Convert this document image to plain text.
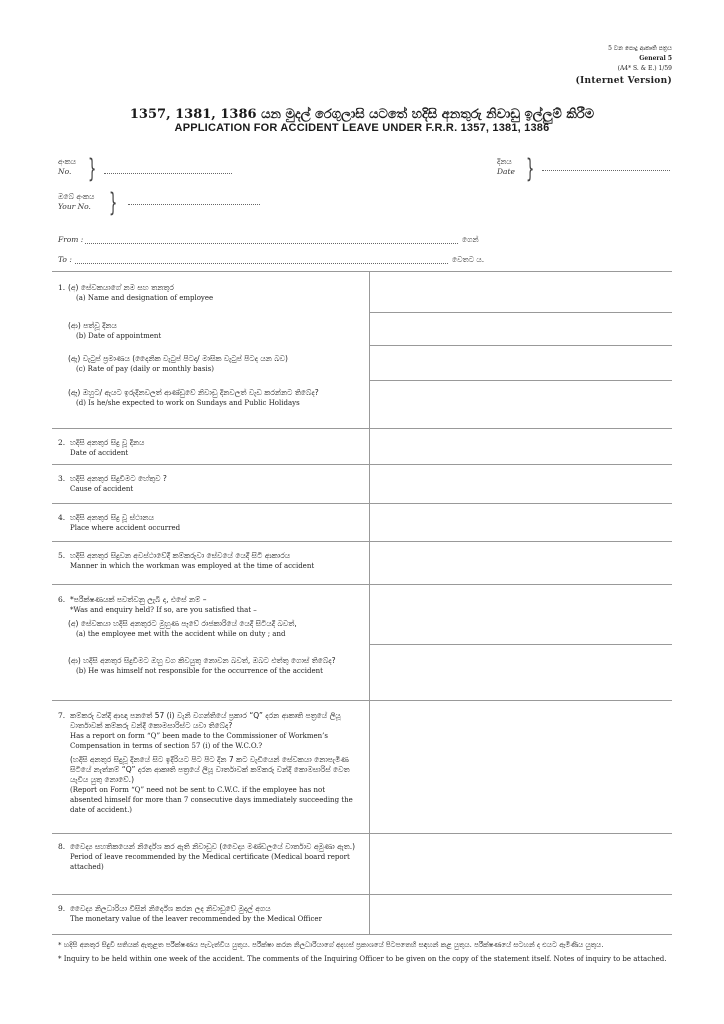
5 වන පොදු ආකෘති පත්‍රය
General 5
(A4* S. & E.) 1/59
(Internet Version)
1357, 1381, 1386 යන මුදල් රෙගුලාසි යටතේ හදිසි අනතුරු නිවාඩු ඉල්ලුම් කිරීම
APPLICATION FOR ACCIDENT LEAVE UNDER F.R.R. 1357, 1381, 1386
අංකය
No. }	දිනය
Date }
ඔබේ අංකය
Your No. }
From :	ගෙන්
To :	වෙතට ය.
1. (අ) සේවකයාගේ නම සහ තනතුර
(a) Name and designation of employee
(ආ) පත්වූ දිනය
(b) Date of appointment
(ඇ) වැටුප් ප්‍රමාණය (දෛනික වැටුප් පිටද/ මාසික වැටුප් පිටද යන බව)
(c) Rate of pay (daily or monthly basis)
(ඈ) ඔහුට/ ඇයට ඉරුදිනවලත් ආණ්ඩුවේ නිවාඩු දිනවලත් වැඩ කරන්නට තිබේද?
(d) Is he/she expected to work on Sundays and Public Holidays
2. හදිසි අනතුර සිදු වූ දිනය
Date of accident
3. හදිසි අනතුර සිදුවීමට හේතුව ?
Cause of accident
4. හදිසි අනතුර සිදු වූ ස්ථානය
Place where accident occurred
5. හදිසි අනතුර සිදුවන අවස්ථාවේදී කම්කරුවා සේවයේ යෙදී සිටි ආකාරය
Manner in which the workman was employed at the time of accident
6. *පරීක්ෂණයක් පවත්වනු ලැබී ද, එසේ නම් –
*Was and enquiry held? If so, are you satisfied that –
(අ) සේවකයා හදිසි අනතුරට මුහුණ පෑවේ රාජකාරියේ යෙදී සිටියදී බවත්,
(a) the employee met with the accident while on duty ; and
(ආ) හදිසි අනතුර සිදුවීමට ඔහු වග කිවයුතු නොවන බවත්, ඔබට එත්තු ගොස් තිබේද?
(b) He was himself not responsible for the occurrence of the accident
7. කම්කරු වන්දි ආඥා පනතේ 57 (i) වැනි වගන්තියේ ප්‍රකාර “Q” දරන ආකෘති පත්‍රයේ ලියූ වාර්තාවක් කම්කරු වන්දි කොමසාරිස්ට යවා තිබේද?
Has a report on form “Q” been made to the Commissioner of Workmen’s Compensation in terms of section 57 (i) of the W.C.O.?
(හදිසි අනතුර සිදුවූ දිනයේ සිට ඉදිරියට පිට පිට දින 7 කට වැඩියෙන් සේවකයා නොපැමිණ සිටියේ නැත්නම් “Q” දරන ආකෘති පත්‍රයේ ලියූ වාර්තාවක් කම්කරු වන්දි කොමසාරිස් වෙත යැවිය යුතු නොවේ.)
(Report on Form “Q” need not be sent to C.W.C. if the employee has not absented himself for more than 7 consecutive days immediately succeeding the date of accident.)
8. වෛද්‍ය සහතිකයෙන් නිර්දේශ කර ඇති නිවාඩුව (වෛද්‍ය මණ්ඩලයේ වාර්තාව අමුණා ඇත.)
Period of leave recommended by the Medical certificate (Medical board report attached)
9. වෛද්‍ය නිලධාරියා විසින් නිර්දේශ කරන ලද නිවාඩුවේ මුදල් අගය
The monetary value of the leaver recommended by the Medical Officer
* හදිසි අනතුර සිදුවී සතියක් ඇතුළත පරීක්ෂණය පැවැත්විය යුතුය. පරීක්ෂා කරන නිලධාරියාගේ අදහස් ප්‍රකාශයේ පිටපතෙහි සඳහන් කළ යුතුය. පරීක්ෂණයේ සටහන් ද එයට ඇමිණිය යුතුය.
* Inquiry to be held within one week of the accident. The comments of the Inquiring Officer to be given on the copy of the statement itself. Notes of inquiry to be attached.
